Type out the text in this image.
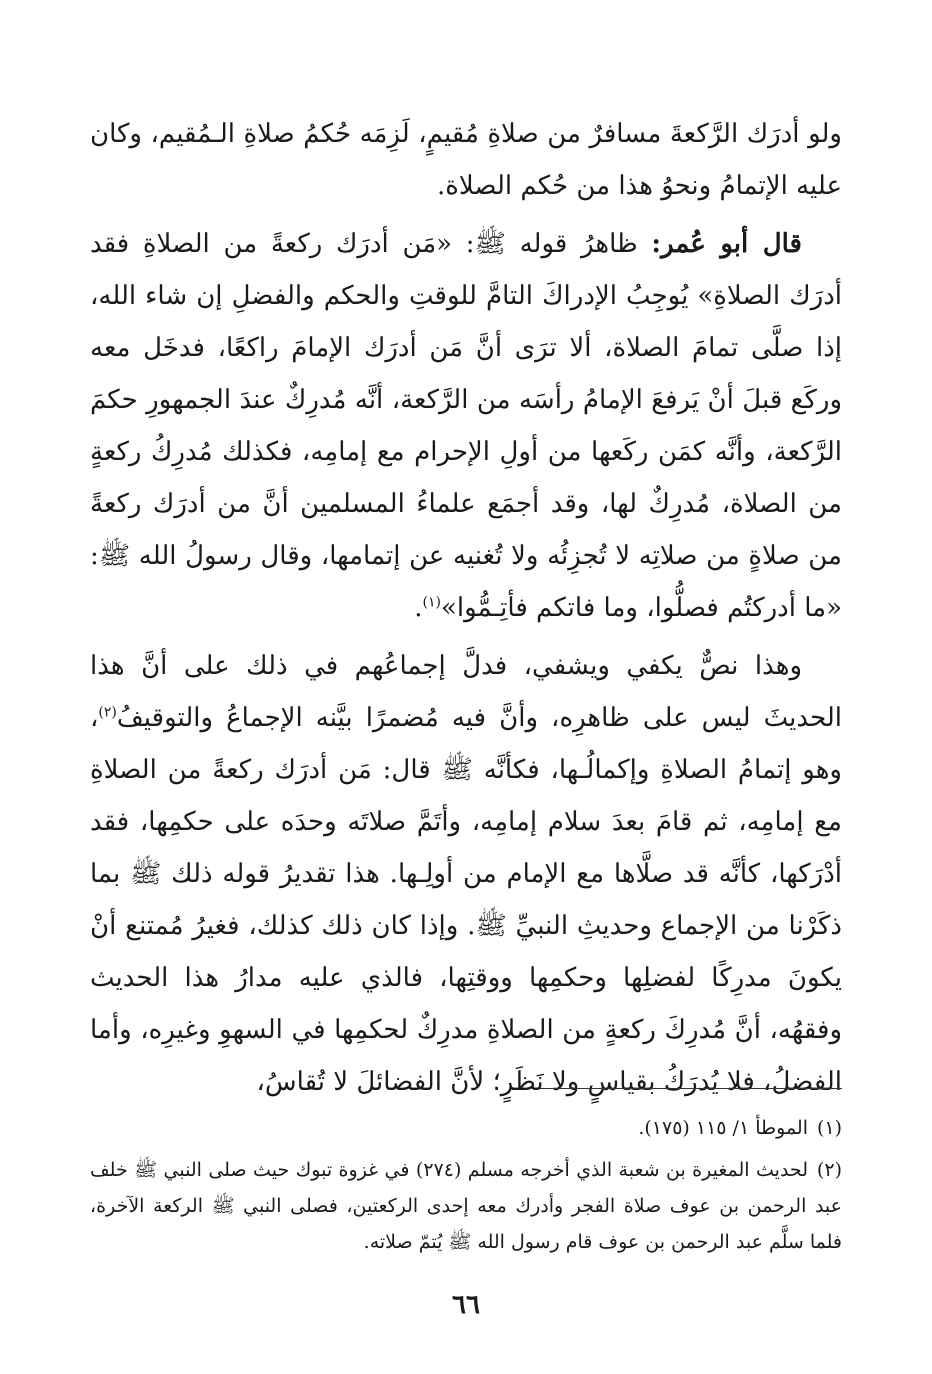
ولو أدرَك الرَّكعةَ مسافرٌ من صلاةِ مُقيمٍ، لَزِمَه حُكمُ صلاةِ الـمُقيم، وكان عليه الإتمامُ ونحوُ هذا من حُكم الصلاة.

قال أبو عُمر: ظاهرُ قوله ﷺ: «مَن أدرَك ركعةً من الصلاةِ فقد أدرَك الصلاةِ» يُوجِبُ الإدراكَ التامَّ للوقتِ والحكم والفضلِ إن شاء الله، إذا صلَّى تمامَ الصلاة، ألا ترَى أنَّ مَن أدرَك الإمامَ راكعًا، فدخَل معه وركَع قبلَ أنْ يَرفعَ الإمامُ رأسَه من الرَّكعة، أنَّه مُدرِكٌ عندَ الجمهورِ حكمَ الرَّكعة، وأنَّه كمَن ركَعها من أولِ الإحرام مع إمامِه، فكذلك مُدرِكُ ركعةٍ من الصلاة، مُدرِكٌ لها، وقد أجمَع علماءُ المسلمين أنَّ من أدرَك ركعةً من صلاةٍ من صلاتِه لا تُجزِئُه ولا تُغنيه عن إتمامها، وقال رسولُ الله ﷺ: «ما أدركتُم فصلُّوا، وما فاتكم فأتِـمُّوا»$^{(١)}$.

وهذا نصٌّ يكفي ويشفي، فدلَّ إجماعُهم في ذلك على أنَّ هذا الحديثَ ليس على ظاهرِه، وأنَّ فيه مُضمرًا بيَّنه الإجماعُ والتوقيفُ$^{(٢)}$، وهو إتمامُ الصلاةِ وإكمالُـها، فكأنَّه ﷺ قال: مَن أدرَك ركعةً من الصلاةِ مع إمامِه، ثم قامَ بعدَ سلام إمامِه، وأتَمَّ صلاتَه وحدَه على حكمِها، فقد أدْرَكها، كأنَّه قد صلَّاها مع الإمام من أولِـها. هذا تقديرُ قوله ذلك ﷺ بما ذكَرْنا من الإجماع وحديثِ النبيِّ ﷺ. وإذا كان ذلك كذلك، فغيرُ مُمتنع أنْ يكونَ مدرِكًا لفضلِها وحكمِها ووقتِها، فالذي عليه مدارُ هذا الحديث وفقهُه، أنَّ مُدرِكَ ركعةٍ من الصلاةِ مدرِكٌ لحكمِها في السهوِ وغيرِه، وأما الفضلُ، فلا يُدرَكُ بقياسٍ ولا نَظَرٍ؛ لأنَّ الفضائلَ لا تُقاسُ،

(١)الموطأ ١/ ١١٥ (١٧٥).
(٢)لحديث المغيرة بن شعبة الذي أخرجه مسلم (٢٧٤) في غزوة تبوك حيث صلى النبي ﷺ خلف عبد الرحمن بن عوف صلاة الفجر وأدرك معه إحدى الركعتين، فصلى النبي ﷺ الركعة الآخرة، فلما سلَّم عبد الرحمن بن عوف قام رسول الله ﷺ يُتمّ صلاته.
٦٦
